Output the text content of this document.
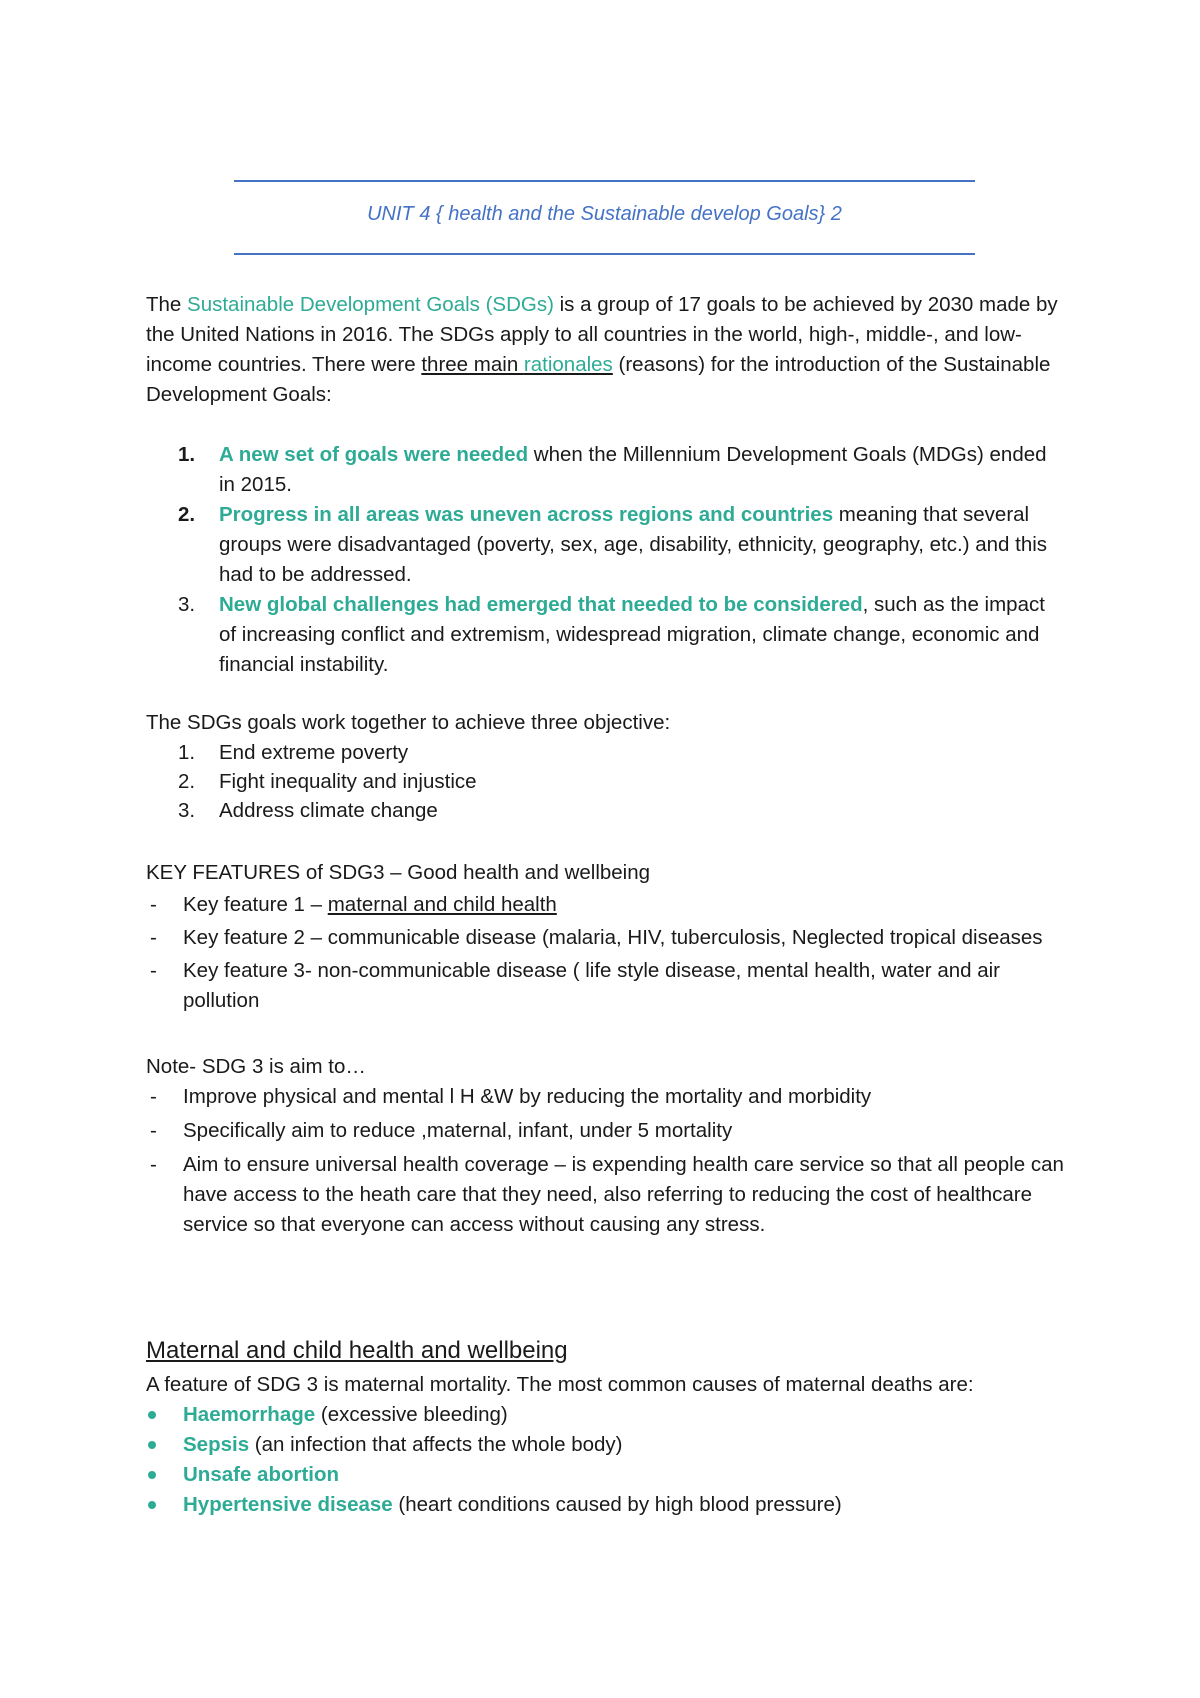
UNIT 4 { health and the Sustainable develop Goals} 2
The Sustainable Development Goals (SDGs) is a group of 17 goals to be achieved by 2030 made by the United Nations in 2016. The SDGs apply to all countries in the world, high-, middle-, and low-income countries. There were three main rationales (reasons) for the introduction of the Sustainable Development Goals:
1. A new set of goals were needed when the Millennium Development Goals (MDGs) ended in 2015.
2. Progress in all areas was uneven across regions and countries meaning that several groups were disadvantaged (poverty, sex, age, disability, ethnicity, geography, etc.) and this had to be addressed.
3. New global challenges had emerged that needed to be considered, such as the impact of increasing conflict and extremism, widespread migration, climate change, economic and financial instability.
The SDGs goals work together to achieve three objective:
1. End extreme poverty
2. Fight inequality and injustice
3. Address climate change
KEY FEATURES of SDG3 – Good health and wellbeing
- Key feature 1 – maternal and child health
- Key feature 2 – communicable disease (malaria, HIV, tuberculosis, Neglected tropical diseases
- Key feature 3- non-communicable disease ( life style disease, mental health, water and air pollution
Note- SDG 3 is aim to…
- Improve physical and mental l H &W by reducing the mortality and morbidity
- Specifically aim to reduce ,maternal, infant, under 5 mortality
- Aim to ensure universal health coverage – is expending health care service so that all people can have access to the heath care that they need, also referring to reducing the cost of healthcare service so that everyone can access without causing any stress.
Maternal and child health and wellbeing
A feature of SDG 3 is maternal mortality. The most common causes of maternal deaths are:
Haemorrhage (excessive bleeding)
Sepsis (an infection that affects the whole body)
Unsafe abortion
Hypertensive disease (heart conditions caused by high blood pressure)
